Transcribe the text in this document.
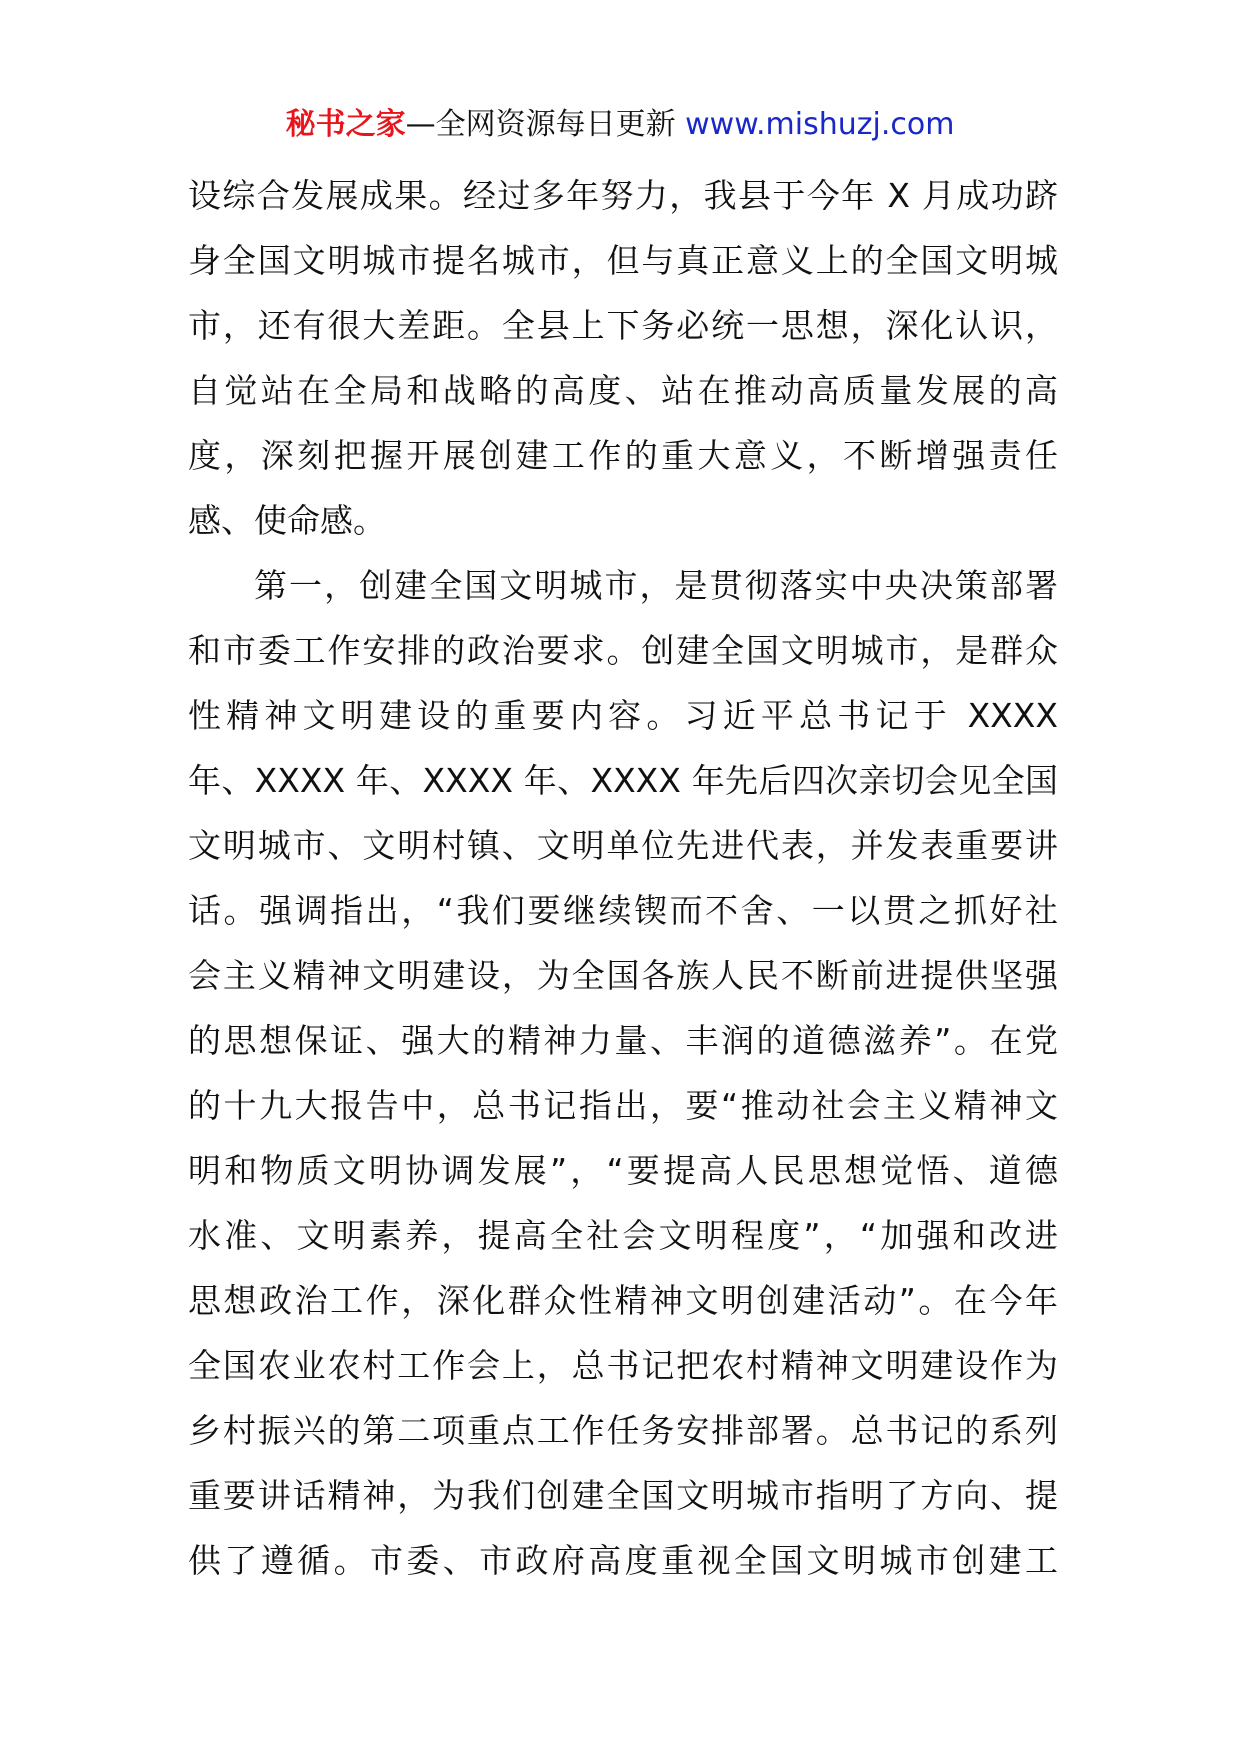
秘书之家—全网资源每日更新 www.mishuzj.com
设综合发展成果。经过多年努力，我县于今年 X 月成功跻
身全国文明城市提名城市，但与真正意义上的全国文明城
市，还有很大差距。全县上下务必统一思想，深化认识，
自觉站在全局和战略的高度、站在推动高质量发展的高
度，深刻把握开展创建工作的重大意义，不断增强责任
感、使命感。
第一，创建全国文明城市，是贯彻落实中央决策部署
和市委工作安排的政治要求。创建全国文明城市，是群众
性精神文明建设的重要内容。习近平总书记于 XXXX
年、XXXX 年、XXXX 年、XXXX 年先后四次亲切会见全国
文明城市、文明村镇、文明单位先进代表，并发表重要讲
话。强调指出，“我们要继续锲而不舍、一以贯之抓好社
会主义精神文明建设，为全国各族人民不断前进提供坚强
的思想保证、强大的精神力量、丰润的道德滋养”。在党
的十九大报告中，总书记指出，要“推动社会主义精神文
明和物质文明协调发展”，“要提高人民思想觉悟、道德
水准、文明素养，提高全社会文明程度”，“加强和改进
思想政治工作，深化群众性精神文明创建活动”。在今年
全国农业农村工作会上，总书记把农村精神文明建设作为
乡村振兴的第二项重点工作任务安排部署。总书记的系列
重要讲话精神，为我们创建全国文明城市指明了方向、提
供了遵循。市委、市政府高度重视全国文明城市创建工
